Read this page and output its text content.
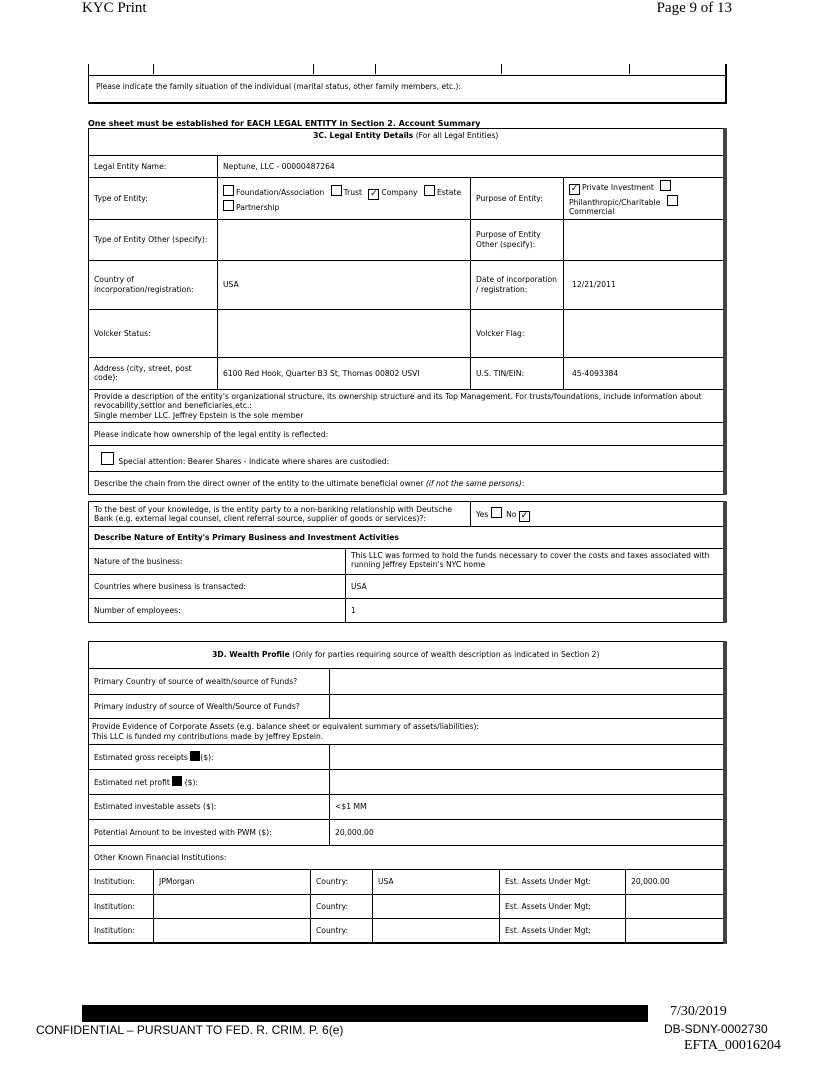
KYC Print	Page 9 of 13
Please indicate the family situation of the individual (marital status, other family members, etc.):
One sheet must be established for EACH LEGAL ENTITY in Section 2. Account Summary
3C. Legal Entity Details (For all Legal Entities)			
Legal Entity Name:	Neptune, LLC - 00000487264		
Type of Entity:	Foundation/Association Trust ✓ Company Estate
Partnership	Purpose of Entity:	✓ Private Investment
Philanthropic/Charitable
Commercial
Type of Entity Other (specify):		Purpose of Entity Other (specify):	
Country of incorporation/registration:	USA	Date of incorporation / registration:	12/21/2011
Volcker Status:		Volcker Flag:	
Address (city, street, post code):	6100 Red Hook, Quarter B3 St, Thomas 00802 USVI	U.S. TIN/EIN:	45-4093384
Provide a description of the entity's organizational structure, its ownership structure and its Top Management. For trusts/foundations, include information about revocability,settlor and beneficiaries,etc.:
Single member LLC. Jeffrey Epstein is the sole member			
Please indicate how ownership of the legal entity is reflected:			
Special attention: Bearer Shares - Indicate where shares are custodied:			
Describe the chain from the direct owner of the entity to the ultimate beneficial owner (if not the same persons):			
To the best of your knowledge, is the entity party to a non-banking relationship with Deutsche Bank (e.g. external legal counsel, client referral source, supplier of goods or services)?:		Yes No ✓
Describe Nature of Entity's Primary Business and Investment Activities		
Nature of the business:	This LLC was formed to hold the funds necessary to cover the costs and taxes associated with running Jeffrey Epstein's NYC home	
Countries where business is transacted:	USA	
Number of employees:	1	
3D. Wealth Profile (Only for parties requiring source of wealth description as indicated in Section 2)						
Primary Country of source of wealth/source of Funds?						
Primary industry of source of Wealth/Source of Funds?						
Provide Evidence of Corporate Assets (e.g. balance sheet or equivalent summary of assets/liabilities):
This LLC is funded my contributions made by Jeffrey Epstein.						
Estimated gross receipts ($):						
Estimated net profit ($):						
Estimated investable assets ($):			<$1 MM			
Potential Amount to be invested with PWM ($):			20,000.00			
Other Known Financial Institutions:						
Institution:	JPMorgan	Country:		USA	Est. Assets Under Mgt:	20,000.00
Institution:		Country:			Est. Assets Under Mgt:	
Institution:		Country:			Est. Assets Under Mgt:	
CONFIDENTIAL – PURSUANT TO FED. R. CRIM. P. 6(e)
7/30/2019
DB-SDNY-0002730
EFTA_00016204
